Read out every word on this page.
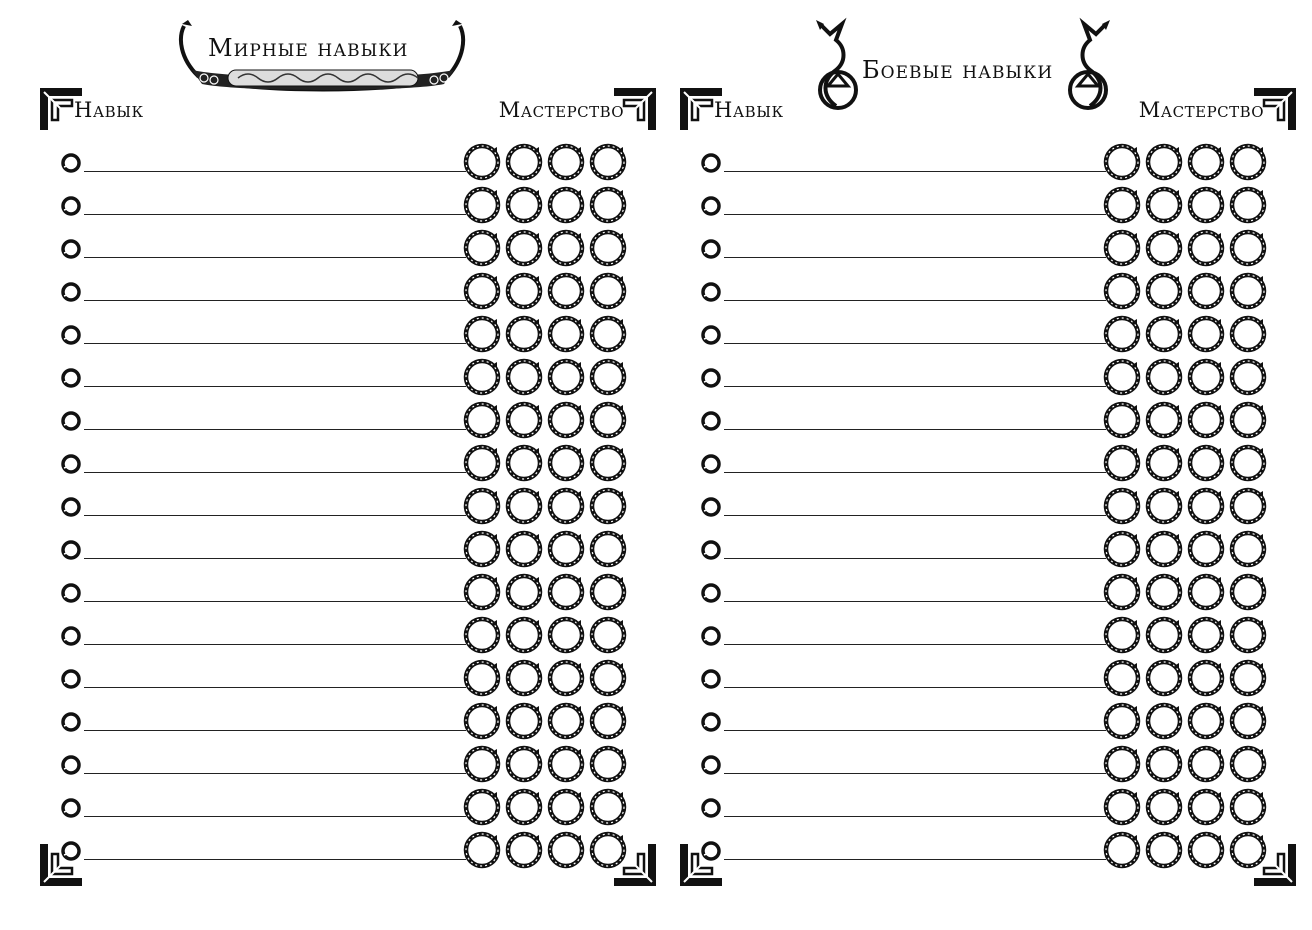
Мирные навыки
Навык	Мастерство
Боевые навыки
Навык	Мастерство
